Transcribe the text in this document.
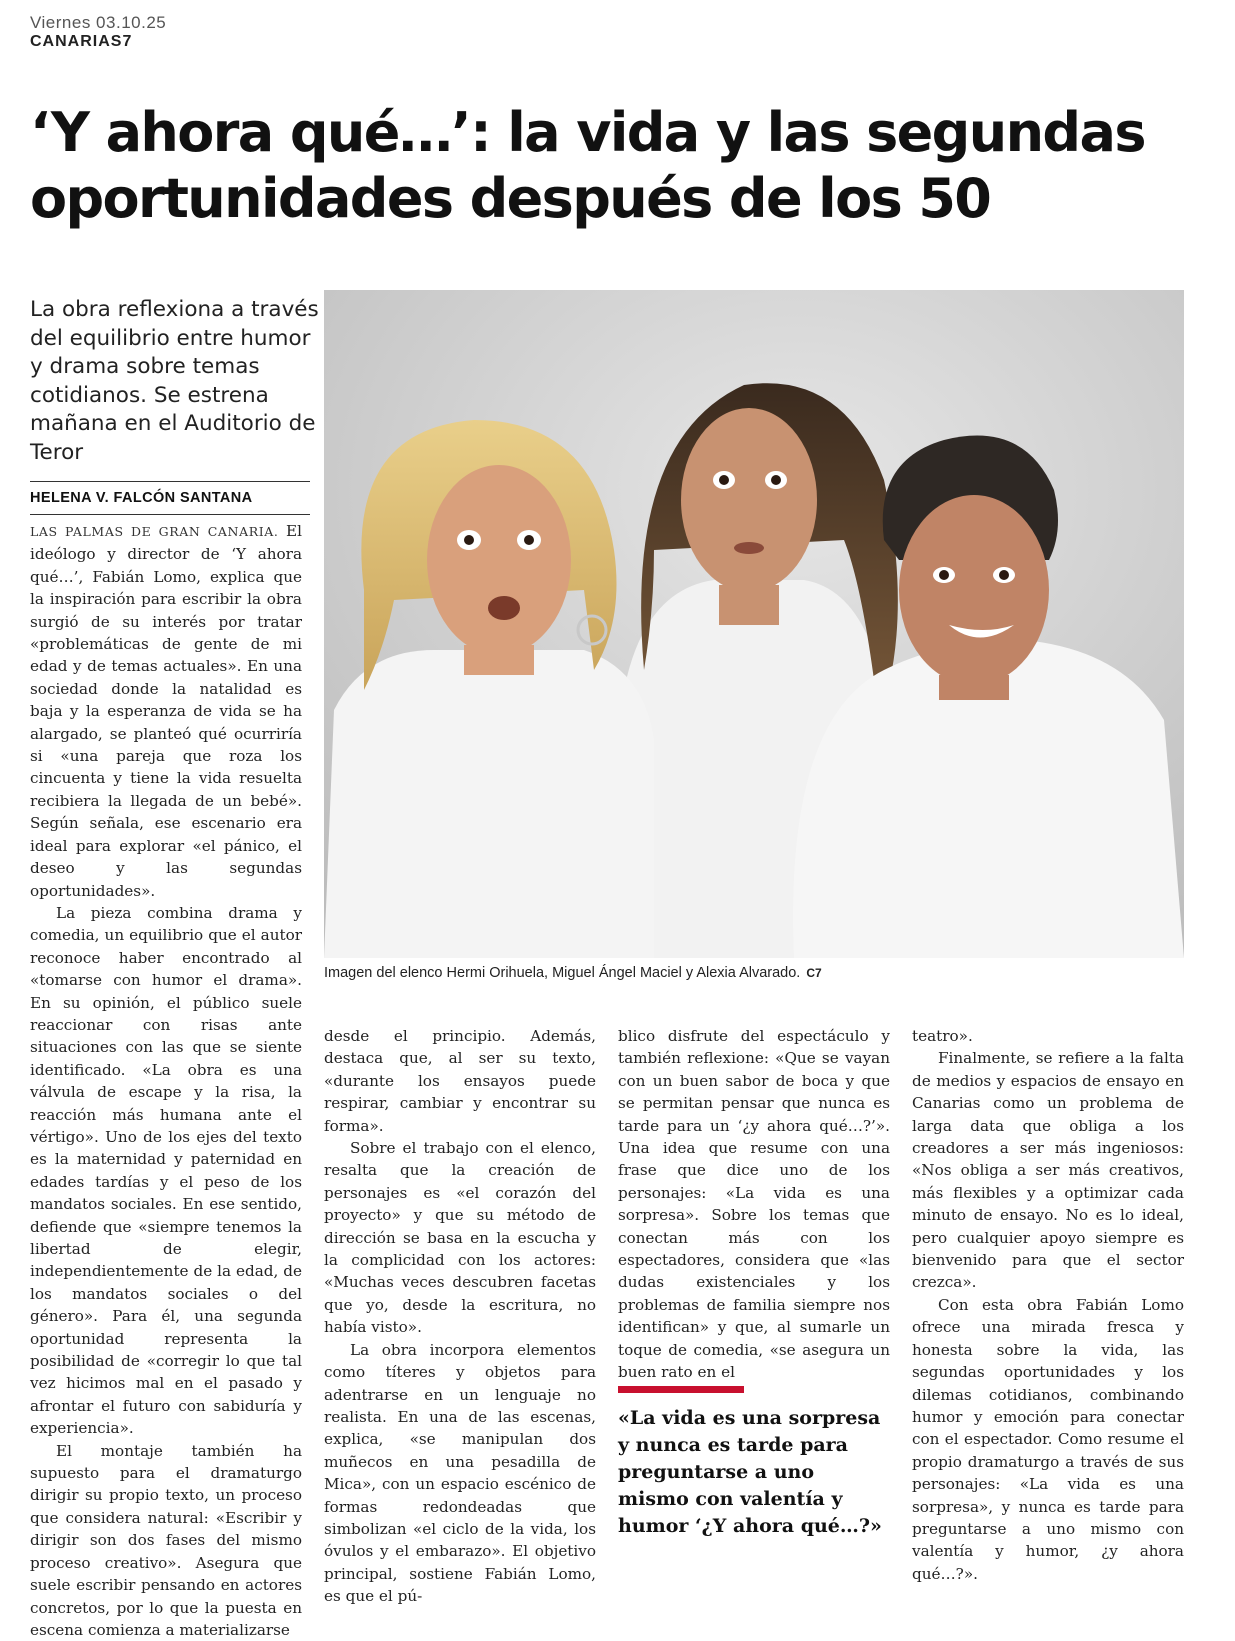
Viernes 03.10.25
CANARIAS7
‘Y ahora qué…’: la vida y las segundas oportunidades después de los 50
La obra reflexiona a través del equilibrio entre humor y drama sobre temas cotidianos. Se estrena mañana en el Auditorio de Teror
HELENA V. FALCÓN SANTANA

LAS PALMAS DE GRAN CANARIA. El ideólogo y director de ‘Y ahora qué…’, Fabián Lomo, explica que la inspiración para escribir la obra surgió de su interés por tratar «problemáticas de gente de mi edad y de temas actuales». En una sociedad donde la natalidad es baja y la esperanza de vida se ha alargado, se planteó qué ocurriría si «una pareja que roza los cincuenta y tiene la vida resuelta recibiera la llegada de un bebé». Según señala, ese escenario era ideal para explorar «el pánico, el deseo y las segundas oportunidades».

La pieza combina drama y comedia, un equilibrio que el autor reconoce haber encontrado al «tomarse con humor el drama». En su opinión, el público suele reaccionar con risas ante situaciones con las que se siente identificado. «La obra es una válvula de escape y la risa, la reacción más humana ante el vértigo». Uno de los ejes del texto es la maternidad y paternidad en edades tardías y el peso de los mandatos sociales. En ese sentido, defiende que «siempre tenemos la libertad de elegir, independientemente de la edad, de los mandatos sociales o del género». Para él, una segunda oportunidad representa la posibilidad de «corregir lo que tal vez hicimos mal en el pasado y afrontar el futuro con sabiduría y experiencia».

El montaje también ha supuesto para el dramaturgo dirigir su propio texto, un proceso que considera natural: «Escribir y dirigir son dos fases del mismo proceso creativo». Asegura que suele escribir pensando en actores concretos, por lo que la puesta en escena comienza a materializarse

Imagen del elenco Hermi Orihuela, Miguel Ángel Maciel y Alexia Alvarado. C7

desde el principio. Además, destaca que, al ser su texto, «durante los ensayos puede respirar, cambiar y encontrar su forma».

Sobre el trabajo con el elenco, resalta que la creación de personajes es «el corazón del proyecto» y que su método de dirección se basa en la escucha y la complicidad con los actores: «Muchas veces descubren facetas que yo, desde la escritura, no había visto».

La obra incorpora elementos como títeres y objetos para adentrarse en un lenguaje no realista. En una de las escenas, explica, «se manipulan dos muñecos en una pesadilla de Mica», con un espacio escénico de formas redondeadas que simbolizan «el ciclo de la vida, los óvulos y el embarazo». El objetivo principal, sostiene Fabián Lomo, es que el pú-

blico disfrute del espectáculo y también reflexione: «Que se vayan con un buen sabor de boca y que se permitan pensar que nunca es tarde para un ‘¿y ahora qué…?’». Una idea que resume con una frase que dice uno de los personajes: «La vida es una sorpresa». Sobre los temas que conectan más con los espectadores, considera que «las dudas existenciales y los problemas de familia siempre nos identifican» y que, al sumarle un toque de comedia, «se asegura un buen rato en el

«La vida es una sorpresa y nunca es tarde para preguntarse a uno mismo con valentía y humor ‘¿Y ahora qué…?»

teatro».

Finalmente, se refiere a la falta de medios y espacios de ensayo en Canarias como un problema de larga data que obliga a los creadores a ser más ingeniosos: «Nos obliga a ser más creativos, más flexibles y a optimizar cada minuto de ensayo. No es lo ideal, pero cualquier apoyo siempre es bienvenido para que el sector crezca».

Con esta obra Fabián Lomo ofrece una mirada fresca y honesta sobre la vida, las segundas oportunidades y los dilemas cotidianos, combinando humor y emoción para conectar con el espectador. Como resume el propio dramaturgo a través de sus personajes: «La vida es una sorpresa», y nunca es tarde para preguntarse a uno mismo con valentía y humor, ¿y ahora qué…?».
